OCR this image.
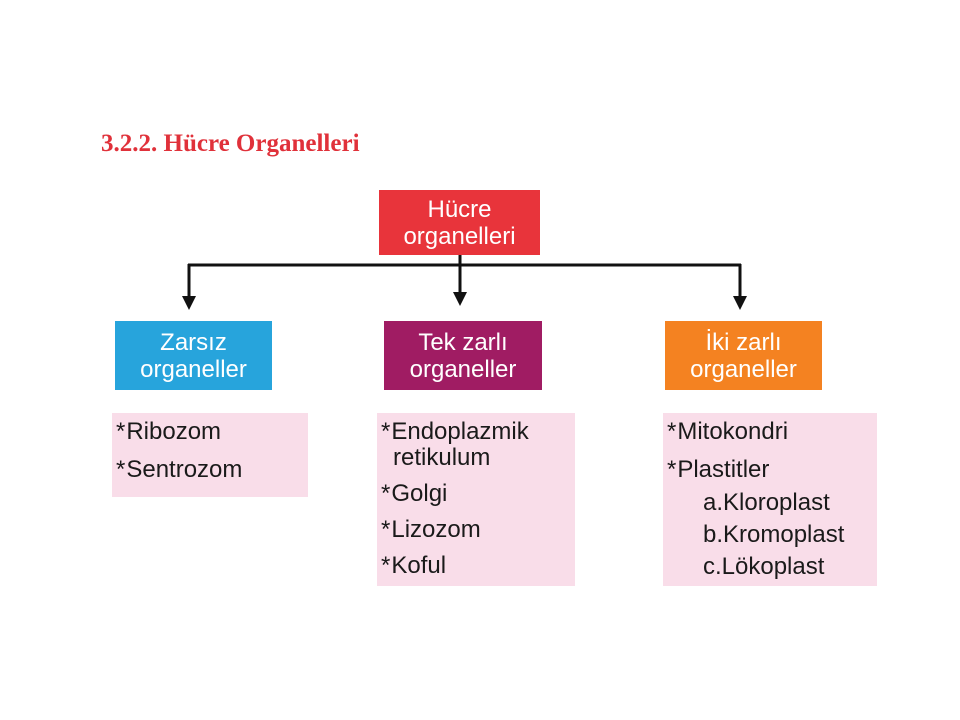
3.2.2. Hücre Organelleri
Hücre
organelleri
Zarsız
organeller
Tek zarlı
organeller
İki zarlı
organeller
*Ribozom
*Sentrozom
*Endoplazmik
retikulum
*Golgi
*Lizozom
*Koful
*Mitokondri
*Plastitler
a.Kloroplast
b.Kromoplast
c.Lökoplast
